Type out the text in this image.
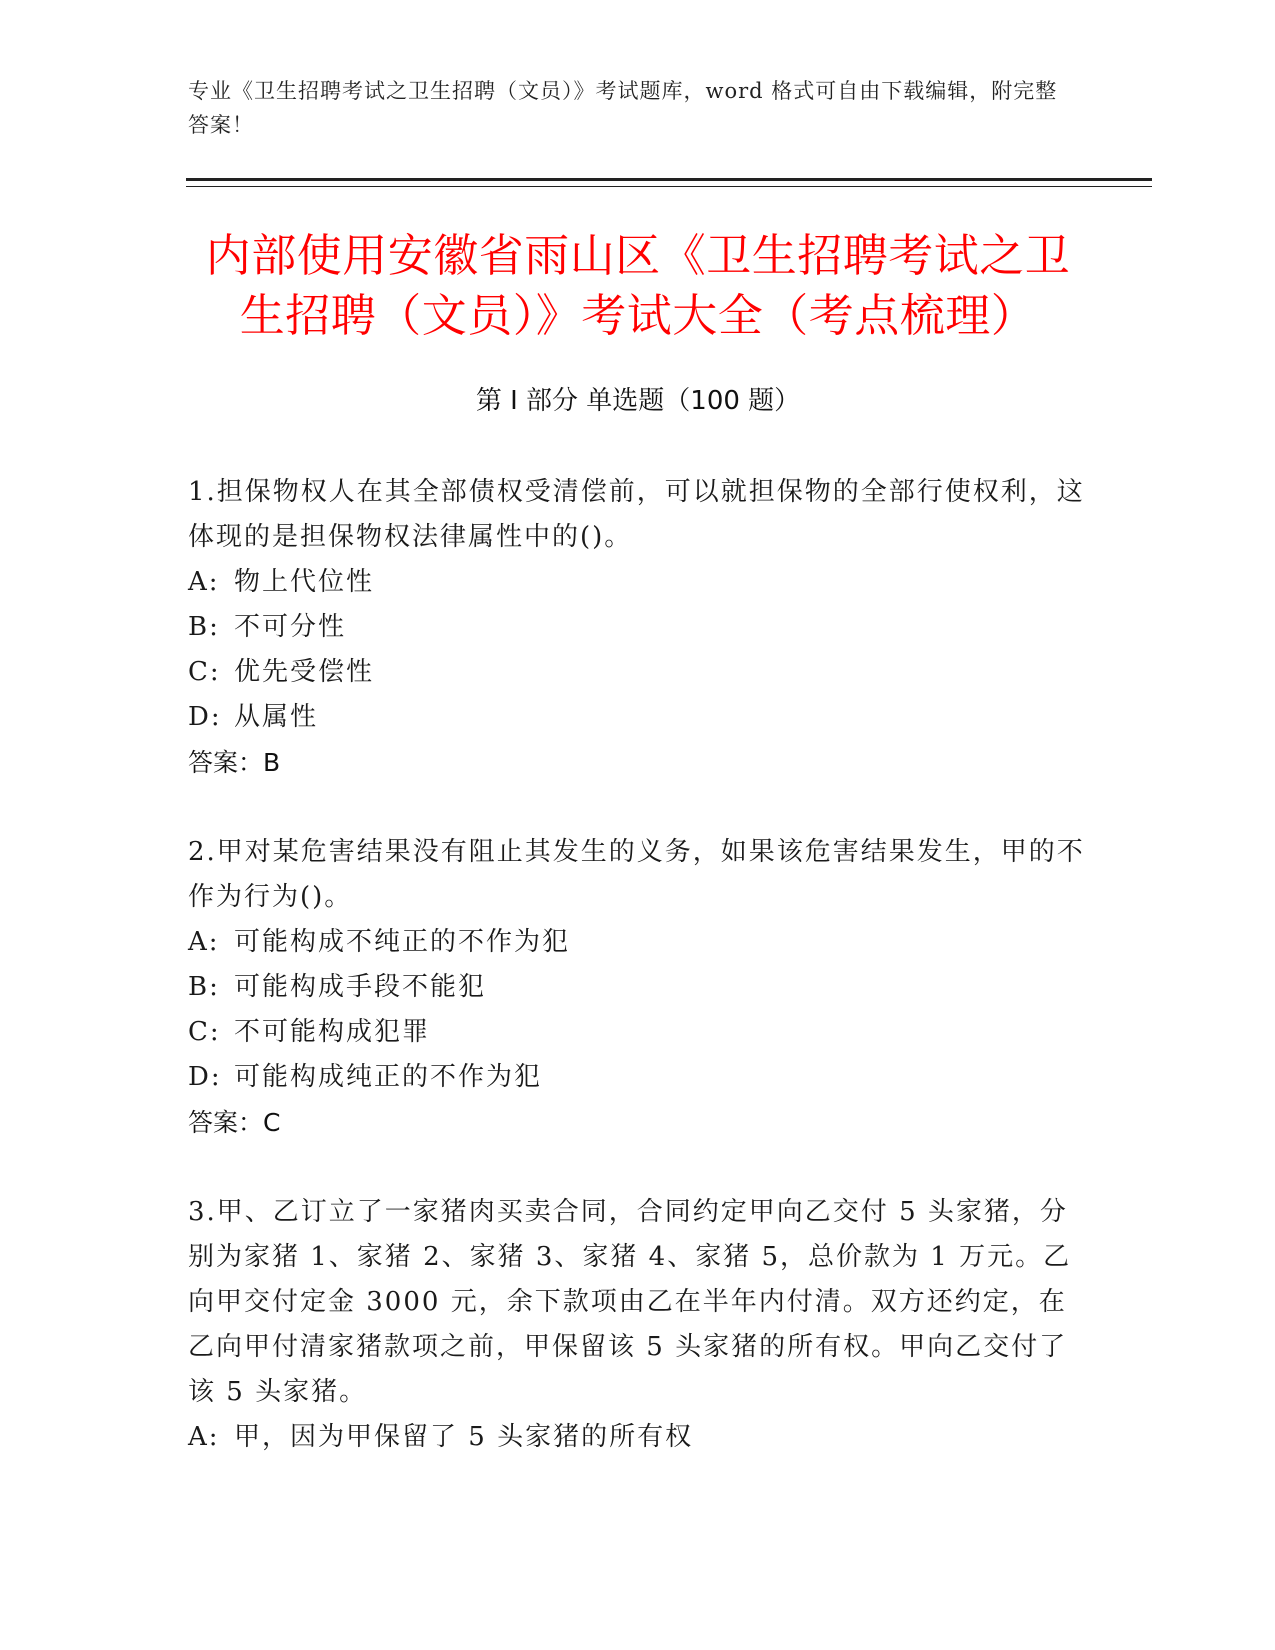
专业《卫生招聘考试之卫生招聘（文员）》考试题库，word 格式可自由下载编辑，附完整答案！
内部使用安徽省雨山区《卫生招聘考试之卫生招聘（文员）》考试大全（考点梳理）
第 I 部分 单选题（100 题）

1.担保物权人在其全部债权受清偿前，可以就担保物的全部行使权利，这体现的是担保物权法律属性中的()。

A: 物上代位性

B: 不可分性

C: 优先受偿性

D: 从属性

答案：B

2.甲对某危害结果没有阻止其发生的义务，如果该危害结果发生，甲的不作为行为()。

A: 可能构成不纯正的不作为犯

B: 可能构成手段不能犯

C: 不可能构成犯罪

D: 可能构成纯正的不作为犯

答案：C

3.甲、乙订立了一家猪肉买卖合同，合同约定甲向乙交付 5 头家猪，分别为家猪 1、家猪 2、家猪 3、家猪 4、家猪 5，总价款为 1 万元。乙向甲交付定金 3000 元，余下款项由乙在半年内付清。双方还约定，在乙向甲付清家猪款项之前，甲保留该 5 头家猪的所有权。甲向乙交付了该 5 头家猪。

A: 甲，因为甲保留了 5 头家猪的所有权
